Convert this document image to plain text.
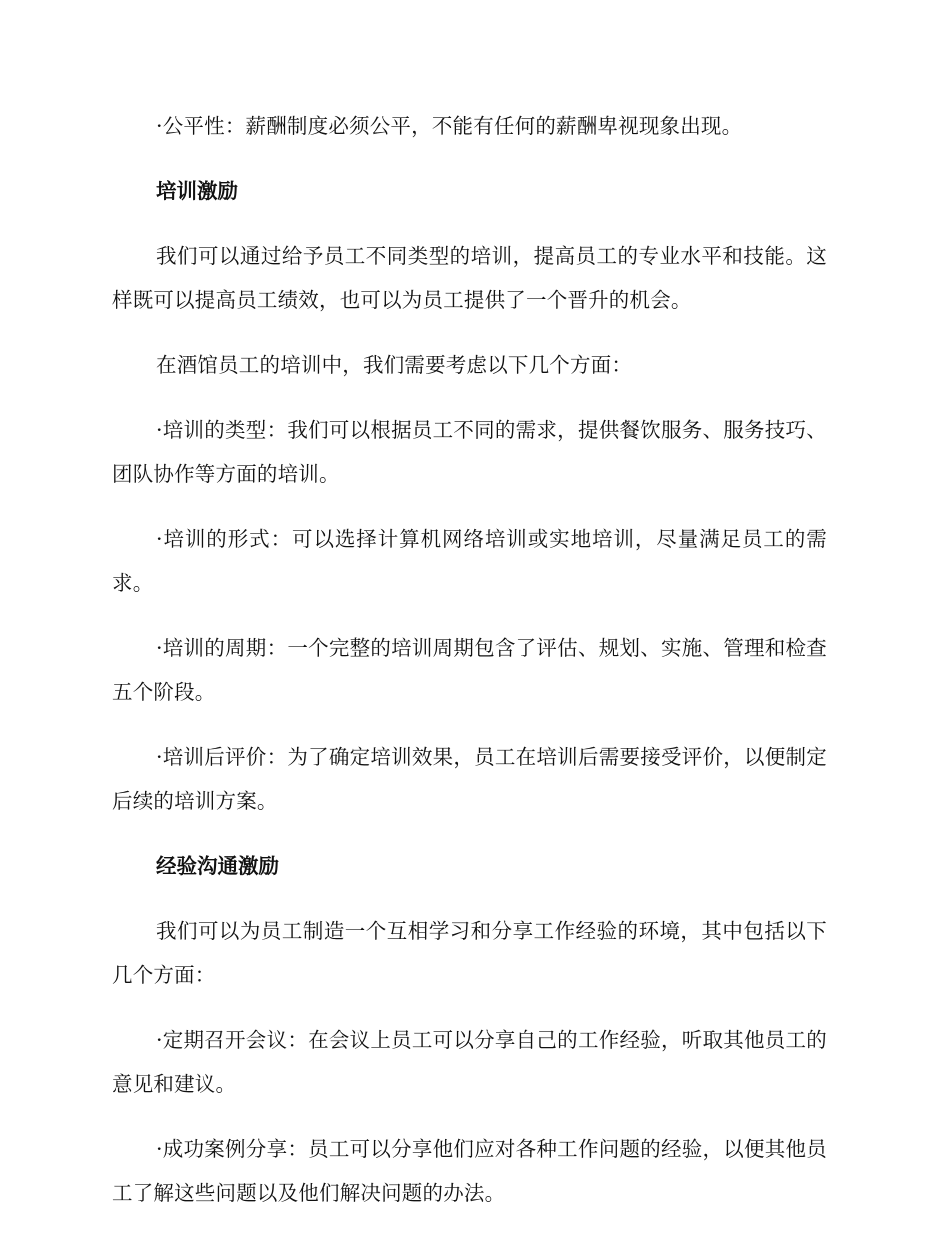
·公平性：薪酬制度必须公平，不能有任何的薪酬卑视现象出现。

培训激励

我们可以通过给予员工不同类型的培训，提高员工的专业水平和技能。这样既可以提高员工绩效，也可以为员工提供了一个晋升的机会。

在酒馆员工的培训中，我们需要考虑以下几个方面：

·培训的类型：我们可以根据员工不同的需求，提供餐饮服务、服务技巧、团队协作等方面的培训。

·培训的形式：可以选择计算机网络培训或实地培训，尽量满足员工的需求。

·培训的周期：一个完整的培训周期包含了评估、规划、实施、管理和检查五个阶段。

·培训后评价：为了确定培训效果，员工在培训后需要接受评价，以便制定后续的培训方案。

经验沟通激励

我们可以为员工制造一个互相学习和分享工作经验的环境，其中包括以下几个方面：

·定期召开会议：在会议上员工可以分享自己的工作经验，听取其他员工的意见和建议。

·成功案例分享：员工可以分享他们应对各种工作问题的经验，以便其他员工了解这些问题以及他们解决问题的办法。
